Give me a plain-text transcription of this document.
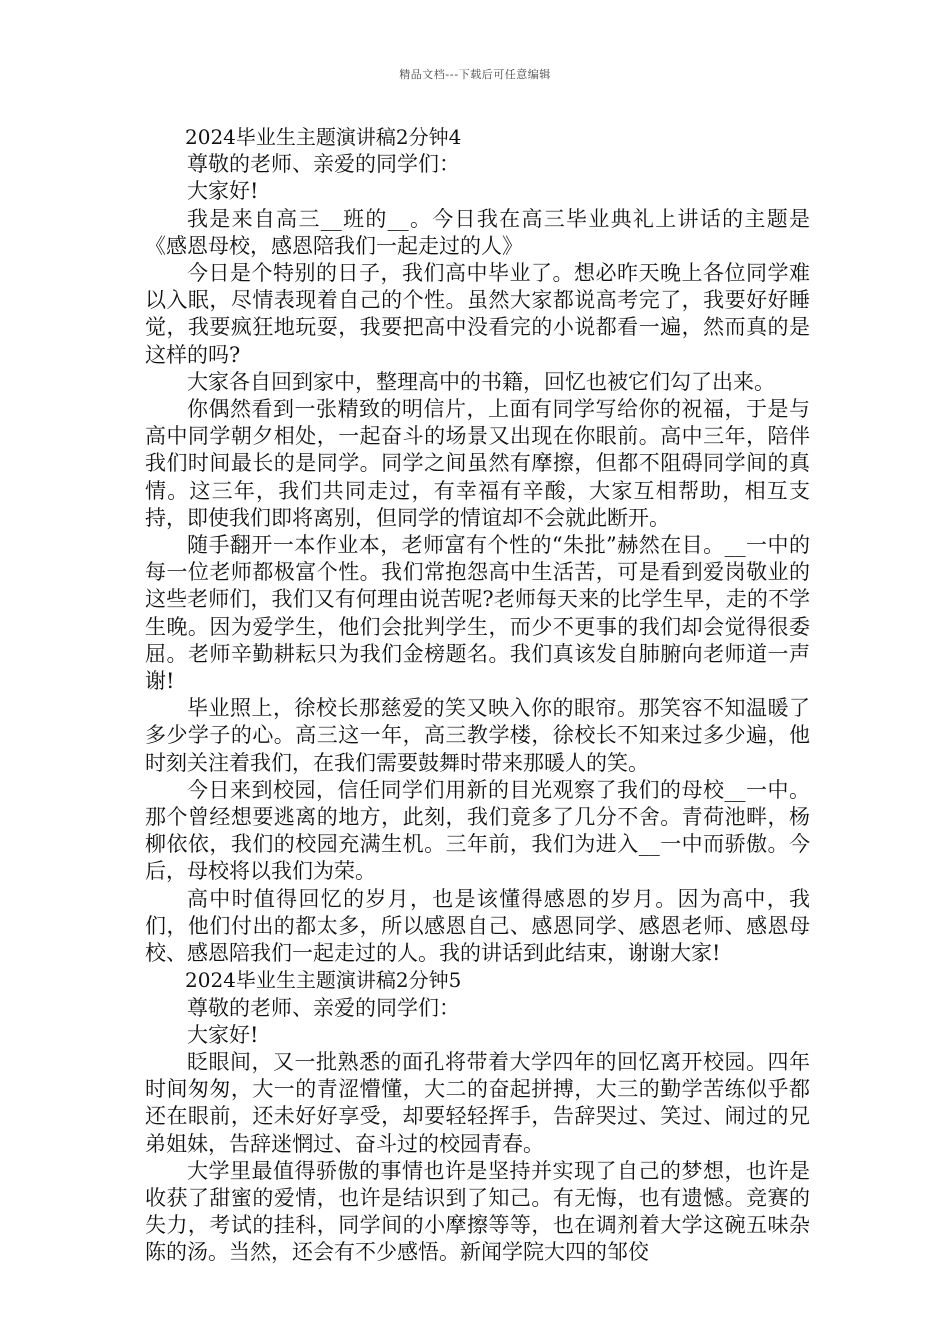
精品文档---下载后可任意编辑

2024毕业生主题演讲稿2分钟4

尊敬的老师、亲爱的同学们：

大家好!

我是来自高三__班的__。今日我在高三毕业典礼上讲话的主题是《感恩母校，感恩陪我们一起走过的人》

今日是个特别的日子，我们高中毕业了。想必昨天晚上各位同学难以入眠，尽情表现着自己的个性。虽然大家都说高考完了，我要好好睡觉，我要疯狂地玩耍，我要把高中没看完的小说都看一遍，然而真的是这样的吗?

大家各自回到家中，整理高中的书籍，回忆也被它们勾了出来。

你偶然看到一张精致的明信片，上面有同学写给你的祝福，于是与高中同学朝夕相处，一起奋斗的场景又出现在你眼前。高中三年，陪伴我们时间最长的是同学。同学之间虽然有摩擦，但都不阻碍同学间的真情。这三年，我们共同走过，有幸福有辛酸，大家互相帮助，相互支持，即使我们即将离别，但同学的情谊却不会就此断开。

随手翻开一本作业本，老师富有个性的“朱批”赫然在目。__一中的每一位老师都极富个性。我们常抱怨高中生活苦，可是看到爱岗敬业的这些老师们，我们又有何理由说苦呢?老师每天来的比学生早，走的不学生晚。因为爱学生，他们会批判学生，而少不更事的我们却会觉得很委屈。老师辛勤耕耘只为我们金榜题名。我们真该发自肺腑向老师道一声谢!

毕业照上，徐校长那慈爱的笑又映入你的眼帘。那笑容不知温暖了多少学子的心。高三这一年，高三教学楼，徐校长不知来过多少遍，他时刻关注着我们，在我们需要鼓舞时带来那暖人的笑。

今日来到校园，信任同学们用新的目光观察了我们的母校__一中。那个曾经想要逃离的地方，此刻，我们竟多了几分不舍。青荷池畔，杨柳依依，我们的校园充满生机。三年前，我们为进入__一中而骄傲。今后，母校将以我们为荣。

高中时值得回忆的岁月，也是该懂得感恩的岁月。因为高中，我们，他们付出的都太多，所以感恩自己、感恩同学、感恩老师、感恩母校、感恩陪我们一起走过的人。我的讲话到此结束，谢谢大家!

2024毕业生主题演讲稿2分钟5

尊敬的老师、亲爱的同学们：

大家好!

眨眼间，又一批熟悉的面孔将带着大学四年的回忆离开校园。四年时间匆匆，大一的青涩懵懂，大二的奋起拼搏，大三的勤学苦练似乎都还在眼前，还未好好享受，却要轻轻挥手，告辞哭过、笑过、闹过的兄弟姐妹，告辞迷惘过、奋斗过的校园青春。

大学里最值得骄傲的事情也许是坚持并实现了自己的梦想，也许是收获了甜蜜的爱情，也许是结识到了知己。有无悔，也有遗憾。竞赛的失力，考试的挂科，同学间的小摩擦等等，也在调剂着大学这碗五味杂陈的汤。当然，还会有不少感悟。新闻学院大四的邹佼
